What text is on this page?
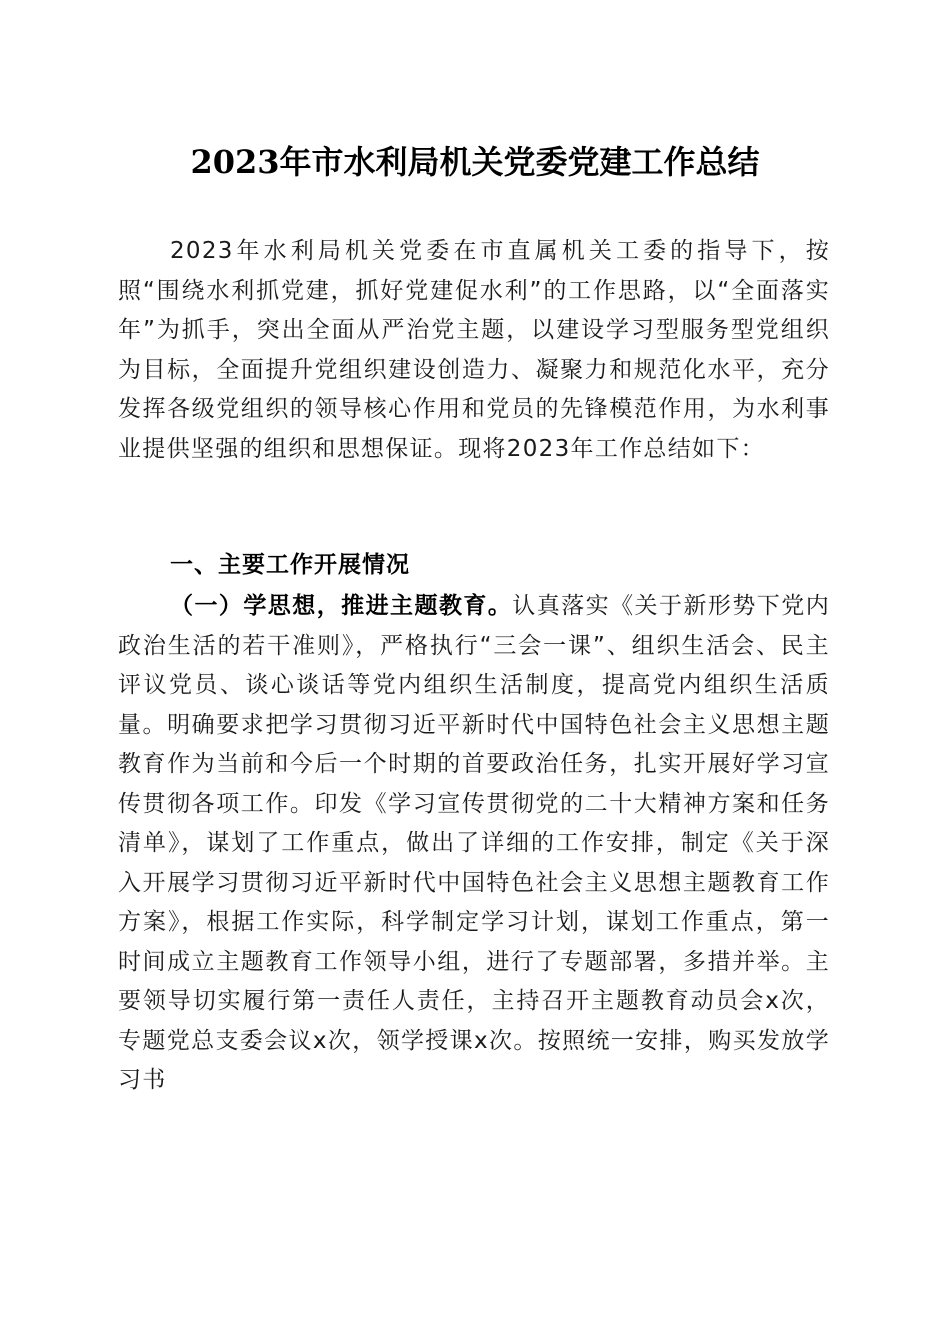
2023年市水利局机关党委党建工作总结
2023年水利局机关党委在市直属机关工委的指导下，按照“围绕水利抓党建，抓好党建促水利”的工作思路，以“全面落实年”为抓手，突出全面从严治党主题，以建设学习型服务型党组织为目标，全面提升党组织建设创造力、凝聚力和规范化水平，充分发挥各级党组织的领导核心作用和党员的先锋模范作用，为水利事业提供坚强的组织和思想保证。现将2023年工作总结如下：
一、主要工作开展情况
（一）学思想，推进主题教育。认真落实《关于新形势下党内政治生活的若干准则》，严格执行“三会一课”、组织生活会、民主评议党员、谈心谈话等党内组织生活制度，提高党内组织生活质量。明确要求把学习贯彻习近平新时代中国特色社会主义思想主题教育作为当前和今后一个时期的首要政治任务，扎实开展好学习宣传贯彻各项工作。印发《学习宣传贯彻党的二十大精神方案和任务清单》，谋划了工作重点，做出了详细的工作安排，制定《关于深入开展学习贯彻习近平新时代中国特色社会主义思想主题教育工作方案》，根据工作实际，科学制定学习计划，谋划工作重点，第一时间成立主题教育工作领导小组，进行了专题部署，多措并举。主要领导切实履行第一责任人责任，主持召开主题教育动员会x次，专题党总支委会议x次，领学授课x次。按照统一安排，购买发放学习书
